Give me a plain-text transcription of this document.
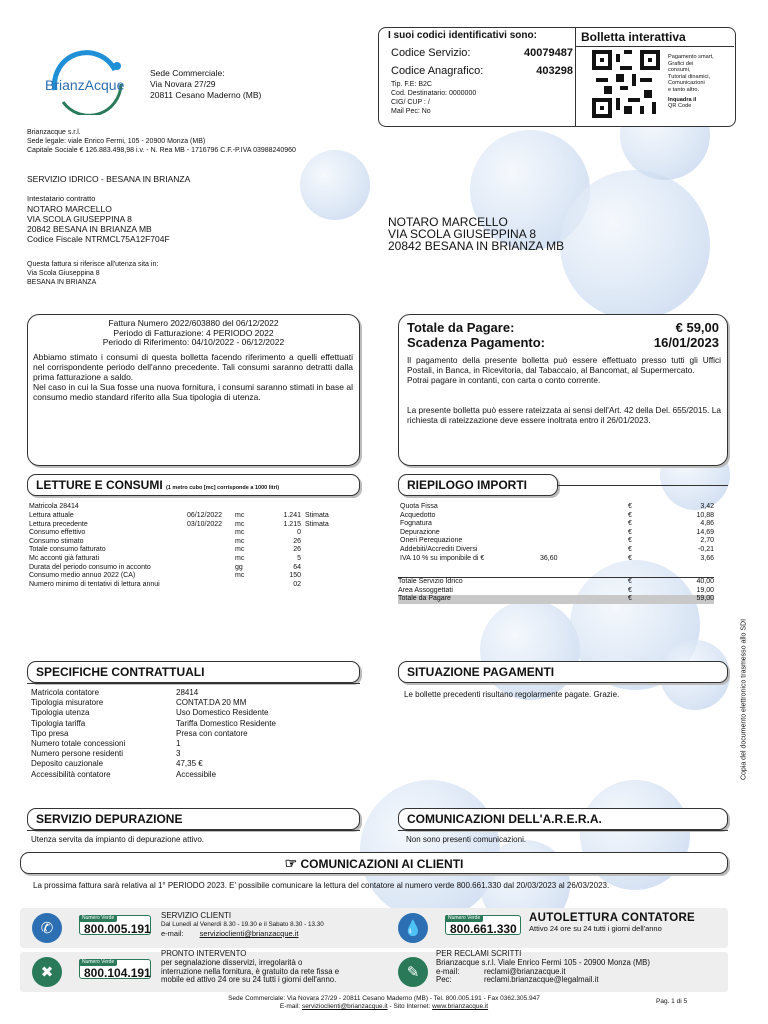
BrianzAcque
Sede Commerciale:
Via Novara 27/29
20811 Cesano Maderno (MB)
I suoi codici identificativi sono:
Codice Servizio:	40079487
Codice Anagrafico:	403298
Tip. F.E: B2C
Cod. Destinatario: 0000000
CIG/ CUP : /
Mail Pec: No
Bolletta interattiva
Pagamento smart,
Grafici dei
consumi,
Tutorial dinamici,
Comunicazioni
e tanto altro.
Inquadra il
QR Code
Brianzacque s.r.l.
Sede legale: viale Enrico Fermi, 105 - 20900 Monza (MB)
Capitale Sociale € 126.883.498,98 i.v. - N. Rea MB - 1716796 C.F.-P.IVA 03988240960
SERVIZIO IDRICO - BESANA IN BRIANZA
Intestatario contratto
NOTARO MARCELLO
VIA SCOLA GIUSEPPINA 8
20842 BESANA IN BRIANZA MB
Codice Fiscale NTRMCL75A12F704F
Questa fattura si riferisce all'utenza sita in:
Via Scola Giuseppina 8
BESANA IN BRIANZA
NOTARO MARCELLO
VIA SCOLA GIUSEPPINA 8
20842 BESANA IN BRIANZA MB
Fattura Numero 2022/603880 del 06/12/2022
Periodo di Fatturazione: 4 PERIODO 2022
Periodo di Riferimento: 04/10/2022 - 06/12/2022
Abbiamo stimato i consumi di questa bolletta facendo riferimento a quelli effettuati nel corrispondente periodo dell'anno precedente. Tali consumi saranno detratti dalla prima fatturazione a saldo.
Nel caso in cui la Sua fosse una nuova fornitura, i consumi saranno stimati in base al consumo medio standard riferito alla Sua tipologia di utenza.
Totale da Pagare:	€ 59,00
Scadenza Pagamento:	16/01/2023
Il pagamento della presente bolletta può essere effettuato presso tutti gli Uffici Postali, in Banca, in Ricevitoria, dal Tabaccaio, al Bancomat, al Supermercato.
Potrai pagare in contanti, con carta o conto corrente.
La presente bolletta può essere rateizzata ai sensi dell'Art. 42 della Del. 655/2015. La richiesta di rateizzazione deve essere inoltrata entro il 26/01/2023.
LETTURE E CONSUMI (1 metro cubo [mc] corrisponde a 1000 litri)
Matricola 28414
Lettura attuale	06/12/2022	mc	1.241	Stimata
Lettura precedente	03/10/2022	mc	1.215	Stimata
Consumo effettivo		mc	0	
Consumo stimato		mc	26	
Totale consumo fatturato		mc	26	
Mc acconti già fatturati		mc	5	
Durata del periodo consumo in acconto		gg	64	
Consumo medio annuo 2022 (CA)		mc	150	
Numero minimo di tentativi di lettura annui			02	
RIEPILOGO IMPORTI
Quota Fissa		€	3,42
Acquedotto		€	10,88
Fognatura		€	4,86
Depurazione		€	14,69
Oneri Perequazione		€	2,70
Addebiti/Accrediti Diversi		€	-0,21
IVA 10 % su imponibile di €	36,60	€	3,66
Totale Servizio Idrico	€	40,00
Area Assoggettati	€	19,00
Totale da Pagare	€	59,00
SPECIFICHE CONTRATTUALI
Matricola contatore	28414
Tipologia misuratore	CONTAT.DA 20 MM
Tipologia utenza	Uso Domestico Residente
Tipologia tariffa	Tariffa Domestico Residente
Tipo presa	Presa con contatore
Numero totale concessioni	1
Numero persone residenti	3
Deposito cauzionale	47,35 €
Accessibilità contatore	Accessibile
SITUAZIONE PAGAMENTI
Le bollette precedenti risultano regolarmente pagate. Grazie.
SERVIZIO DEPURAZIONE
Utenza servita da impianto di depurazione attivo.
COMUNICAZIONI DELL'A.R.E.R.A.
Non sono presenti comunicazioni.
☞ COMUNICAZIONI AI CLIENTI
La prossima fattura sarà relativa al 1° PERIODO 2023. E' possibile comunicare la lettura del contatore al numero verde 800.661.330 dal 20/03/2023 al 26/03/2023.
✆
Numero Verde
800.005.191
SERVIZIO CLIENTI
Dal Lunedì al Venerdì 8.30 - 19.30 e il Sabato 8.30 - 13.30
e-mail: servizioclienti@brianzacque.it	💧
Numero Verde
800.661.330
AUTOLETTURA CONTATORE
Attivo 24 ore su 24 tutti i giorni dell'anno
✖
Numero Verde
800.104.191
PRONTO INTERVENTO
per segnalazione disservizi, irregolarità o
interruzione nella fornitura, è gratuito da rete fissa e
mobile ed attivo 24 ore su 24 tutti i giorni dell'anno.	✎
PER RECLAMI SCRITTI
Brianzacque s.r.l. Viale Enrico Fermi 105 - 20900 Monza (MB)
e-mail:	reclami@brianzacque.it
Pec:	reclami.brianzacque@legalmail.it
Sede Commerciale: Via Novara 27/29 - 20811 Cesano Maderno (MB) - Tel. 800.005.191 - Fax 0362.305.947
E-mail: servizioclienti@brianzacque.it - Sito Internet: www.brianzacque.it
Pag. 1 di 5
Copia del documento elettronico trasmesso allo SDI
